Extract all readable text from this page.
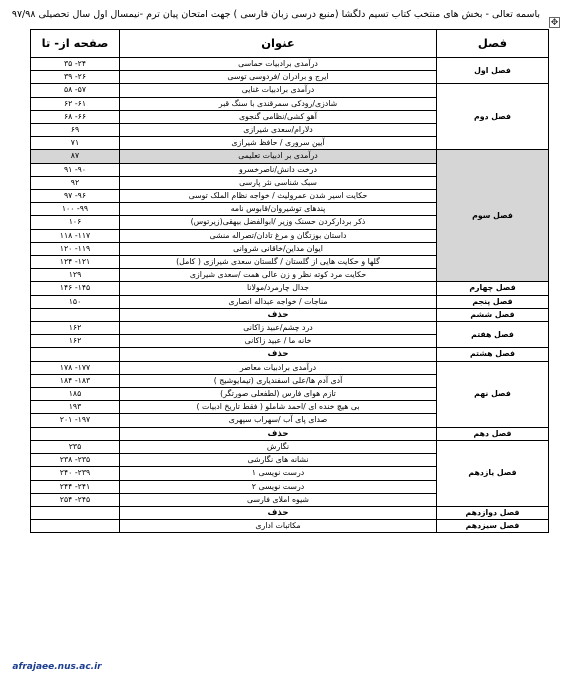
باسمه تعالی - بخش های منتخب کتاب تسیم دلگشا (منبع درسی زبان فارسی ) جهت امتحان پیان ترم -نیمسال اول سال تحصیلی ۹۷/۹۸
✥
فصل	عنوان	صفحه از- تا
فصل اول	درآمدی برادبیات حماسی	۲۴- ۳۵
	ایرج و برادران /فردوسی توسی	۲۶- ۳۹
فصل دوم	درآمدی برادبیات غنایی	۵۷- ۵۸
	شادزی/رودکی سمرقندی با سنگ قبر	۶۱- ۶۲
	آهو کشی/نظامی گنجوی	۶۶- ۶۸
	دلارام/سعدی شیرازی	۶۹
	آیین سروری / حافظ شیرازی	۷۱
فصل سوم	درآمدی بر ادبیات تعلیمی	۸۷
	درخت دانش/ناصرخسرو	۹۰- ۹۱
	سبک شناسی نثر پارسی	۹۲
	حکایت اسیر شدن عمرولیث / خواجه نظام الملک توسی	۹۶- ۹۷
	پندهای توشیروان/قابوس نامه	۹۹- ۱۰۰
	ذکر بردارکردن حسنک وزیر /ابوالفضل بیهقی(زیرتوس)	۱۰۶
	داستان بوزتگان و مرغ تادان/تصراله منشی	۱۱۷- ۱۱۸
	ایوان مداین/خاقانی شروانی	۱۱۹- ۱۲۰
	گلها و حکایت هایی از گلستان / گلستان سعدی شیرازی ( کامل)	۱۲۱- ۱۲۴
	حکایت مرد کوته نظر و زن عالی همت /سعدی شیرازی	۱۲۹
فصل چهارم	جدال چارمرد/مولانا	۱۴۵- ۱۴۶
فصل پنجم	مناجات / خواجه عبداله انصاری	۱۵۰
فصل ششم	حذف	
فصل هفتم	درد چشم/عبید زاکانی	۱۶۲
	خانه ما / عبید زاکانی	۱۶۲
فصل هشتم	حذف	
فصل نهم	درآمدی برادبیات معاصر	۱۷۷- ۱۷۸
	آدی آدم ها/علی اسفندیاری (تیمایوشیج )	۱۸۳- ۱۸۴
	تازم هوای فارس (لطفعلی صورتگر)	۱۸۵
	بی هیچ خنده ای /احمد شاملو ( فقط تاریخ ادبیات )	۱۹۳
	صدای پای آب /سهراب سپهری	۱۹۷- ۲۰۱
فصل دهم	حذف	
فصل یازدهم	نگارش	۲۳۵
	نشانه های نگارشی	۲۳۵- ۲۳۸
	درست نویسی ۱	۲۳۹- ۲۴۰
	درست نویسی ۲	۲۴۱- ۲۴۴
	شیوه املای فارسی	۲۴۵- ۲۵۴
فصل دوازدهم	حذف	
فصل سیزدهم	مکاتبات اداری	
afrajaee.nus.ac.ir
